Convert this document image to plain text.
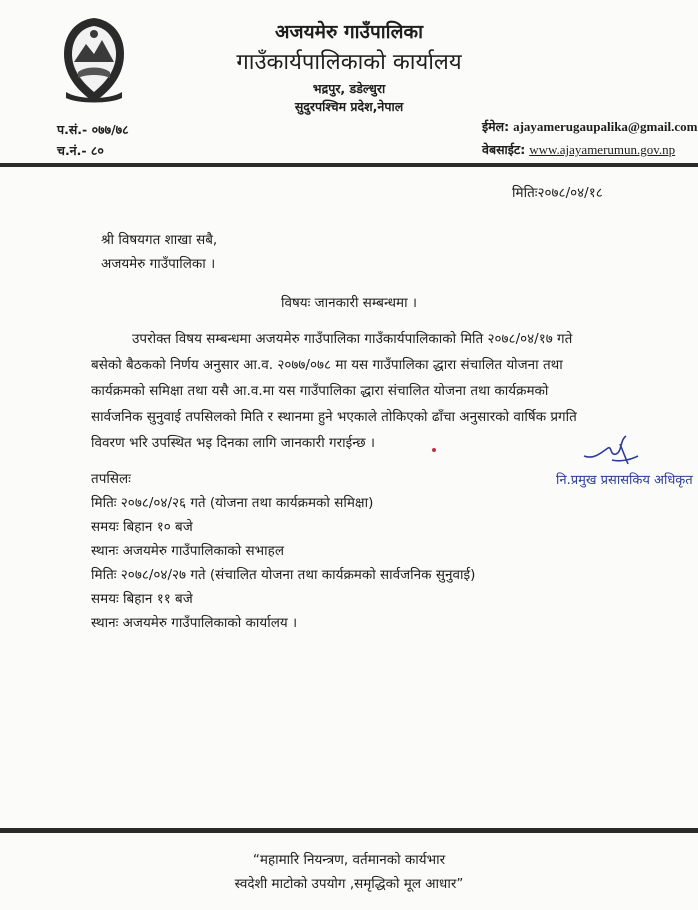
अजयमेरु गाउँपालिका
गाउँकार्यपालिकाको कार्यालय
भद्रपुर, डडेल्धुरा
सुदुरपश्चिम प्रदेश,नेपाल
प.सं.- ०७७/७८
च.नं.- ८०
ईमेल: ajayamerugaupalika@gmail.com
वेबसाईट: www.ajayamerumun.gov.np
मितिः२०७८/०४/१८
श्री विषयगत शाखा सबै,
अजयमेरु गाउँपालिका ।
विषयः जानकारी सम्बन्धमा ।
उपरोक्त विषय सम्बन्धमा अजयमेरु गाउँपालिका गाउँकार्यपालिकाको मिति २०७८/०४/१७ गते
बसेको बैठकको निर्णय अनुसार आ.व. २०७७/०७८ मा यस गाउँपालिका द्धारा संचालित योजना तथा
कार्यक्रमको समिक्षा तथा यसै आ.व.मा यस गाउँपालिका द्धारा संचालित योजना तथा कार्यक्रमको
सार्वजनिक सुनुवाई तपसिलको मिति र स्थानमा हुने भएकाले तोकिएको ढाँचा अनुसारको वार्षिक प्रगति
विवरण भरि उपस्थित भइ दिनका लागि जानकारी गराईन्छ ।
नि.प्रमुख प्रसासकिय अधिकृत
तपसिलः
मितिः २०७८/०४/२६ गते (योजना तथा कार्यक्रमको समिक्षा)
समयः बिहान १० बजे
स्थानः अजयमेरु गाउँपालिकाको सभाहल
मितिः २०७८/०४/२७ गते (संचालित योजना तथा कार्यक्रमको सार्वजनिक सुनुवाई)
समयः बिहान ११ बजे
स्थानः अजयमेरु गाउँपालिकाको कार्यालय ।
“महामारि नियन्त्रण, वर्तमानको कार्यभार
स्वदेशी माटोको उपयोग ,समृद्धिको मूल आधार”
